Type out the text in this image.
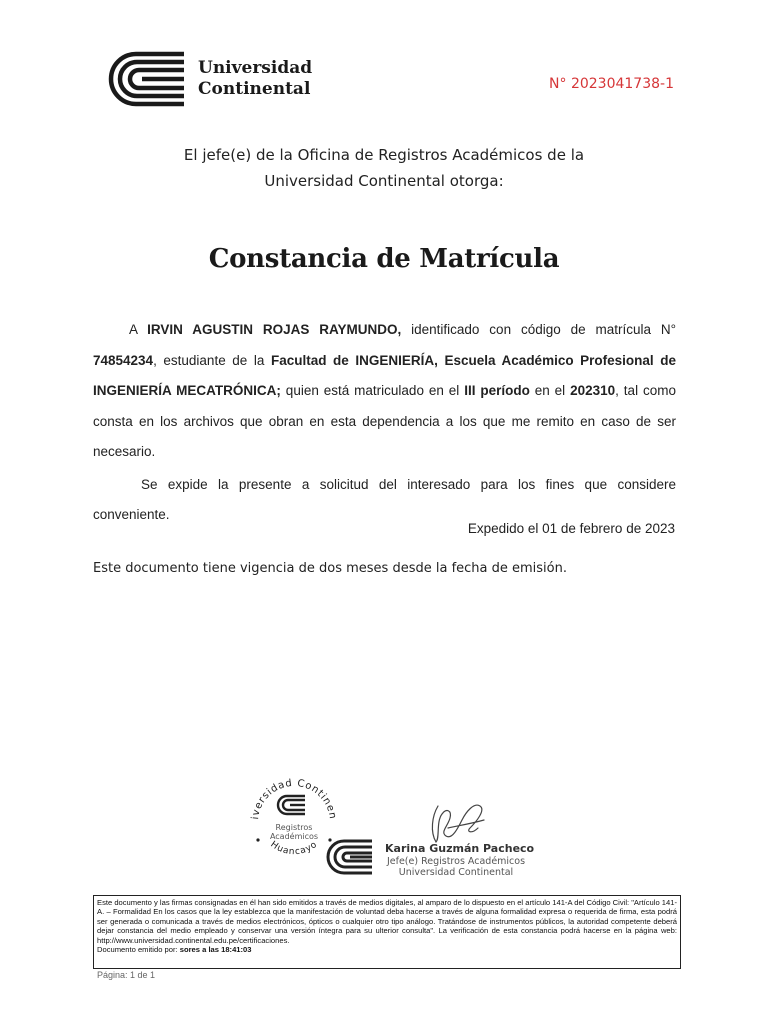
Universidad
Continental	N° 2023041738-1
El jefe(e) de la Oficina de Registros Académicos de la
Universidad Continental otorga:
Constancia de Matrícula

A IRVIN AGUSTIN ROJAS RAYMUNDO, identificado con código de matrícula N° 74854234, estudiante de la Facultad de INGENIERÍA, Escuela Académico Profesional de INGENIERÍA MECATRÓNICA; quien está matriculado en el III período en el 202310, tal como consta en los archivos que obran en esta dependencia a los que me remito en caso de ser necesario.

Se expide la presente a solicitud del interesado para los fines que considere conveniente.

Expedido el 01 de febrero de 2023
Este documento tiene vigencia de dos meses desde la fecha de emisión.
iversidad Continen
Huancayo
Registros
Académicos
Karina Guzmán Pacheco
Jefe(e) Registros Académicos
Universidad Continental
Este documento y las firmas consignadas en él han sido emitidos a través de medios digitales, al amparo de lo dispuesto en el artículo 141-A del Código Civil: "Artículo 141-A. – Formalidad En los casos que la ley establezca que la manifestación de voluntad deba hacerse a través de alguna formalidad expresa o requerida de firma, esta podrá ser generada o comunicada a través de medios electrónicos, ópticos o cualquier otro tipo análogo. Tratándose de instrumentos públicos, la autoridad competente deberá dejar constancia del medio empleado y conservar una versión íntegra para su ulterior consulta". La verificación de esta constancia podrá hacerse en la página web: http://www.universidad.continental.edu.pe/certificaciones.
Documento emitido por: sores a las 18:41:03
Página: 1 de 1
